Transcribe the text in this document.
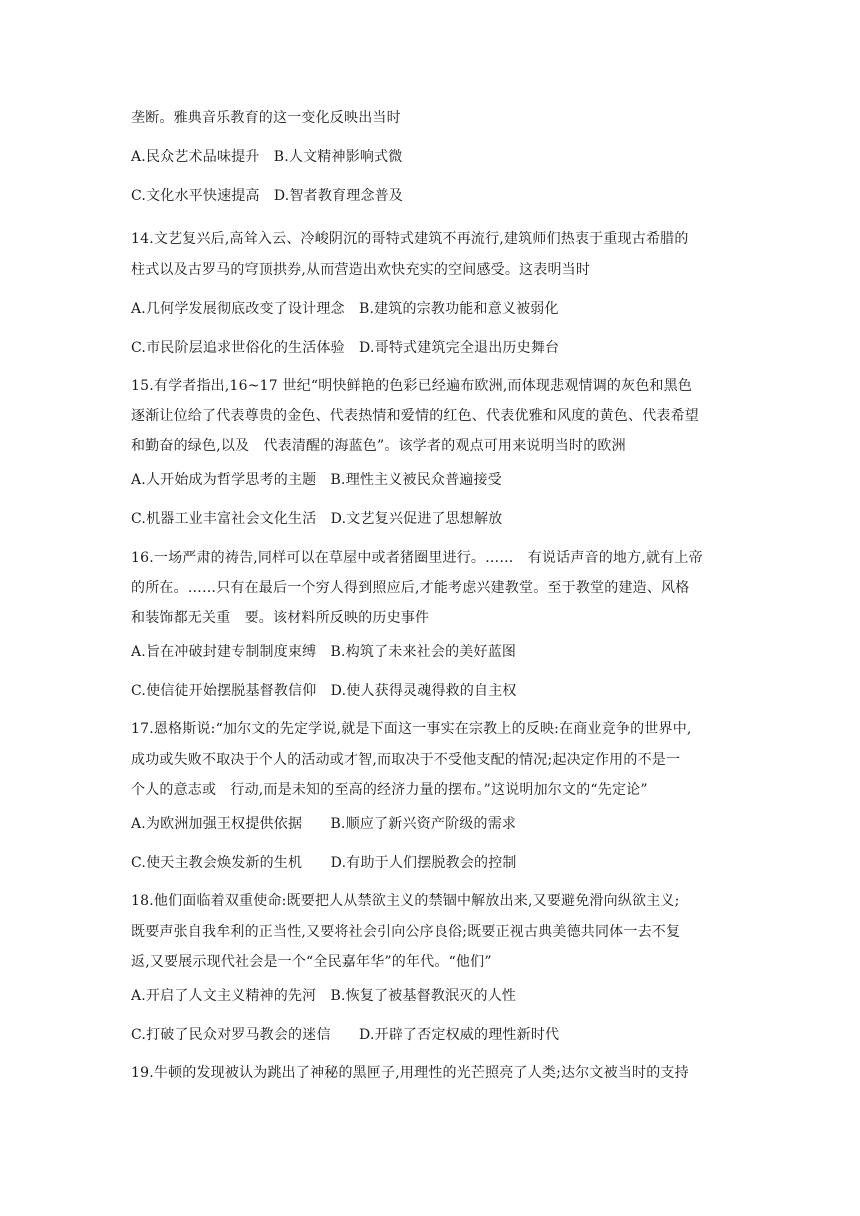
垄断。雅典音乐教育的这一变化反映出当时
A.民众艺术品味提升　B.人文精神影响式微
C.文化水平快速提高　D.智者教育理念普及
14.文艺复兴后,高耸入云、冷峻阴沉的哥特式建筑不再流行,建筑师们热衷于重现古希腊的
柱式以及古罗马的穹顶拱券,从而营造出欢快充实的空间感受。这表明当时
A.几何学发展彻底改变了设计理念　B.建筑的宗教功能和意义被弱化
C.市民阶层追求世俗化的生活体验　D.哥特式建筑完全退出历史舞台
15.有学者指出,16~17 世纪“明快鲜艳的色彩已经遍布欧洲,而体现悲观情调的灰色和黑色
逐渐让位给了代表尊贵的金色、代表热情和爱情的红色、代表优雅和风度的黄色、代表希望
和勤奋的绿色,以及　代表清醒的海蓝色”。该学者的观点可用来说明当时的欧洲
A.人开始成为哲学思考的主题　B.理性主义被民众普遍接受
C.机器工业丰富社会文化生活　D.文艺复兴促进了思想解放
16.一场严肃的祷告,同样可以在草屋中或者猪圈里进行。……　有说话声音的地方,就有上帝
的所在。……只有在最后一个穷人得到照应后,才能考虑兴建教堂。至于教堂的建造、风格
和装饰都无关重　要。该材料所反映的历史事件
A.旨在冲破封建专制制度束缚　B.构筑了未来社会的美好蓝图
C.使信徒开始摆脱基督教信仰　D.使人获得灵魂得救的自主权
17.恩格斯说:“加尔文的先定学说,就是下面这一事实在宗教上的反映:在商业竞争的世界中,
成功或失败不取决于个人的活动或才智,而取决于不受他支配的情况;起决定作用的不是一
个人的意志或　行动,而是未知的至高的经济力量的摆布。”这说明加尔文的“先定论”
A.为欧洲加强王权提供依据　　B.顺应了新兴资产阶级的需求
C.使天主教会焕发新的生机　　D.有助于人们摆脱教会的控制
18.他们面临着双重使命:既要把人从禁欲主义的禁锢中解放出来,又要避免滑向纵欲主义;
既要声张自我牟利的正当性,又要将社会引向公序良俗;既要正视古典美德共同体一去不复
返,又要展示现代社会是一个“全民嘉年华”的年代。“他们”
A.开启了人文主义精神的先河　B.恢复了被基督教泯灭的人性
C.打破了民众对罗马教会的迷信　　D.开辟了否定权威的理性新时代
19.牛顿的发现被认为跳出了神秘的黑匣子,用理性的光芒照亮了人类;达尔文被当时的支持
